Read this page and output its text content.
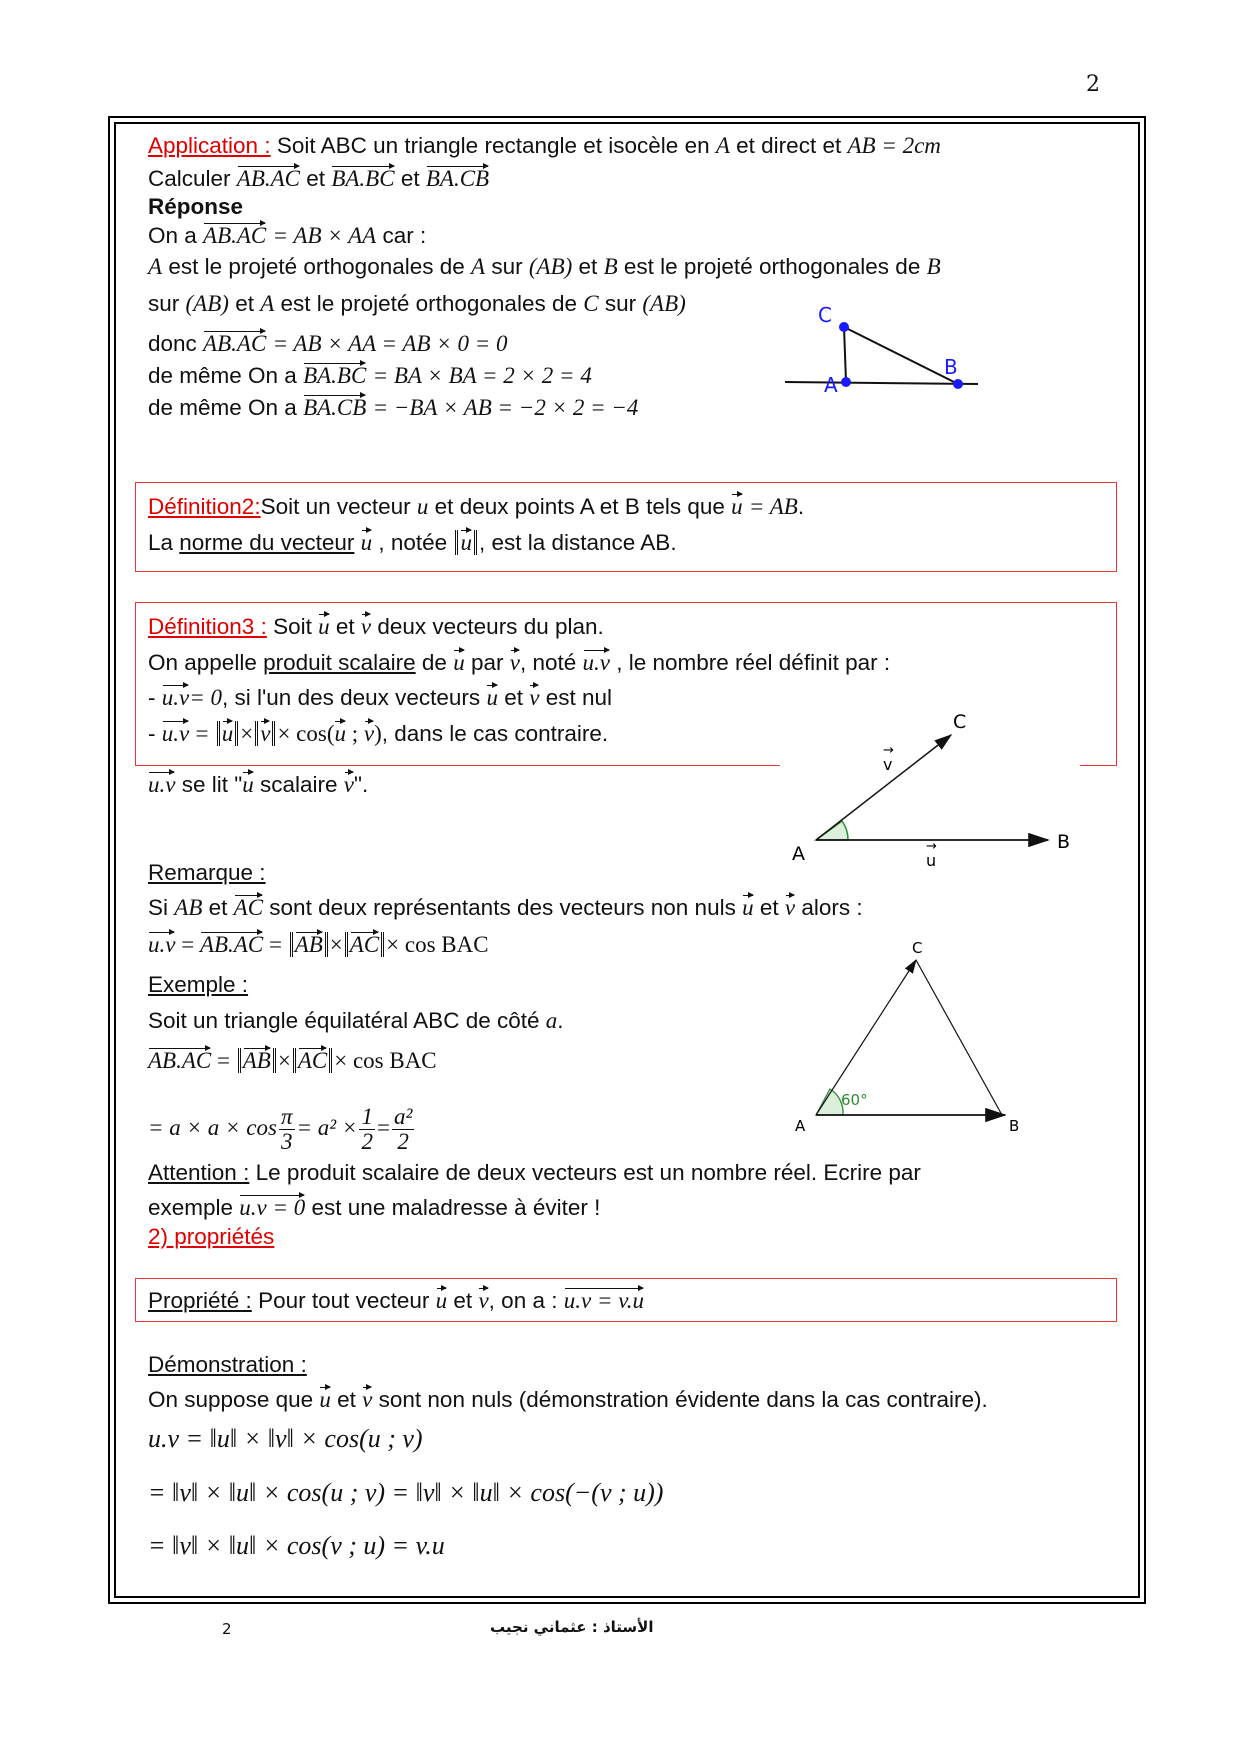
2
Application : Soit ABC un triangle rectangle et isocèle en A et direct et AB = 2cm
Calculer AB.AC et BA.BC et BA.CB
Réponse
On a AB.AC = AB × AA car :
A est le projeté orthogonales de A sur (AB) et B est le projeté orthogonales de B
sur (AB) et A est le projeté orthogonales de C sur (AB)
donc AB.AC = AB × AA = AB × 0 = 0
de même On a BA.BC = BA × BA = 2 × 2 = 4
de même On a BA.CB = −BA × AB = −2 × 2 = −4
C
A
B
Définition2:Soit un vecteur u et deux points A et B tels que u = AB.
La norme du vecteur u , notée u , est la distance AB.
Définition3 : Soit u et v deux vecteurs du plan.
On appelle produit scalaire de u par v, noté u.v , le nombre réel définit par :
- u.v= 0, si l'un des deux vecteurs u et v est nul
- u.v = u × v × cos(u ; v), dans le cas contraire.
u.v se lit "u scalaire v".
C
v
→
A	u
→	B
Remarque :
Si AB et AC sont deux représentants des vecteurs non nuls u et v alors :
u.v = AB.AC = AB × AC × cos BAC
Exemple :
Soit un triangle équilatéral ABC de côté a.
AB.AC = AB × AC × cos BAC
= $a \times a \times \cos \frac{\pi}{3} = a^2 \times \frac{1}{2} = \frac{\text{a²}}{2}$
C
A	B
60°
Attention : Le produit scalaire de deux vecteurs est un nombre réel. Ecrire par
exemple u.v = 0 est une maladresse à éviter !
2) propriétés
Propriété : Pour tout vecteur u et v, on a : u.v = v.u
Démonstration :
On suppose que u et v sont non nuls (démonstration évidente dans la cas contraire).
u.v = ‖u‖ × ‖v‖ × cos(u ; v)
= ‖v‖ × ‖u‖ × cos(u ; v) = ‖v‖ × ‖u‖ × cos(−(v ; u))
= ‖v‖ × ‖u‖ × cos(v ; u) = v.u
2	الأستاذ : عثماني نجيب
